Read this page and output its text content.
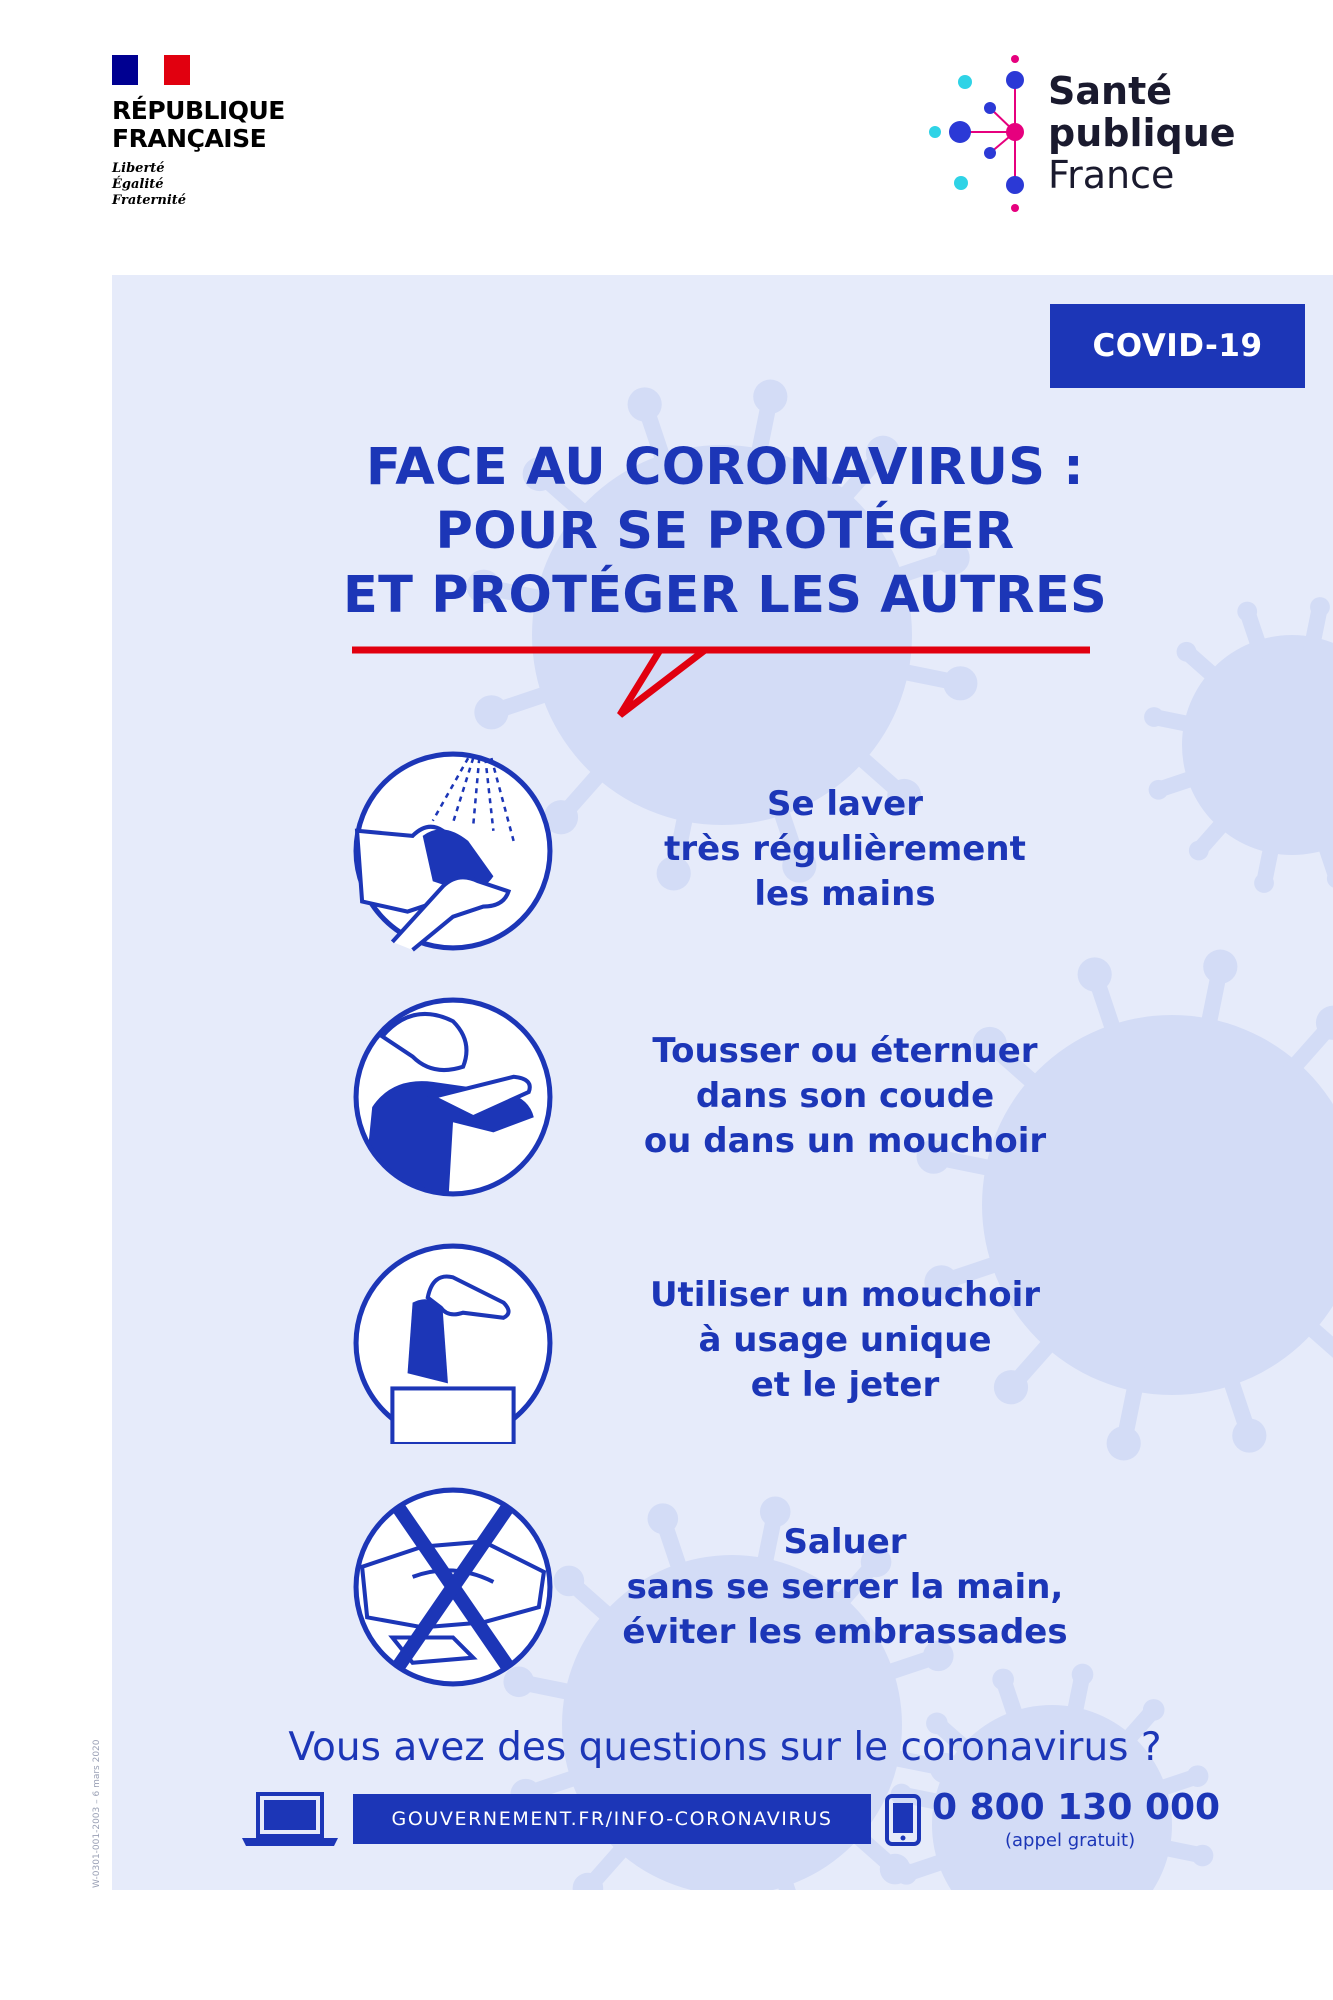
RÉPUBLIQUE
FRANÇAISE
Liberté
Égalité
Fraternité
Santé
publique
France
COVID-19
FACE AU CORONAVIRUS :
POUR SE PROTÉGER
ET PROTÉGER LES AUTRES
Se laver
très régulièrement
les mains
Tousser ou éternuer
dans son coude
ou dans un mouchoir
Utiliser un mouchoir
à usage unique
et le jeter
Saluer
sans se serrer la main,
éviter les embrassades
Vous avez des questions sur le coronavirus ?
GOUVERNEMENT.FR/INFO-CORONAVIRUS	0 800 130 000
(appel gratuit)
W-0301-001-2003 – 6 mars 2020
